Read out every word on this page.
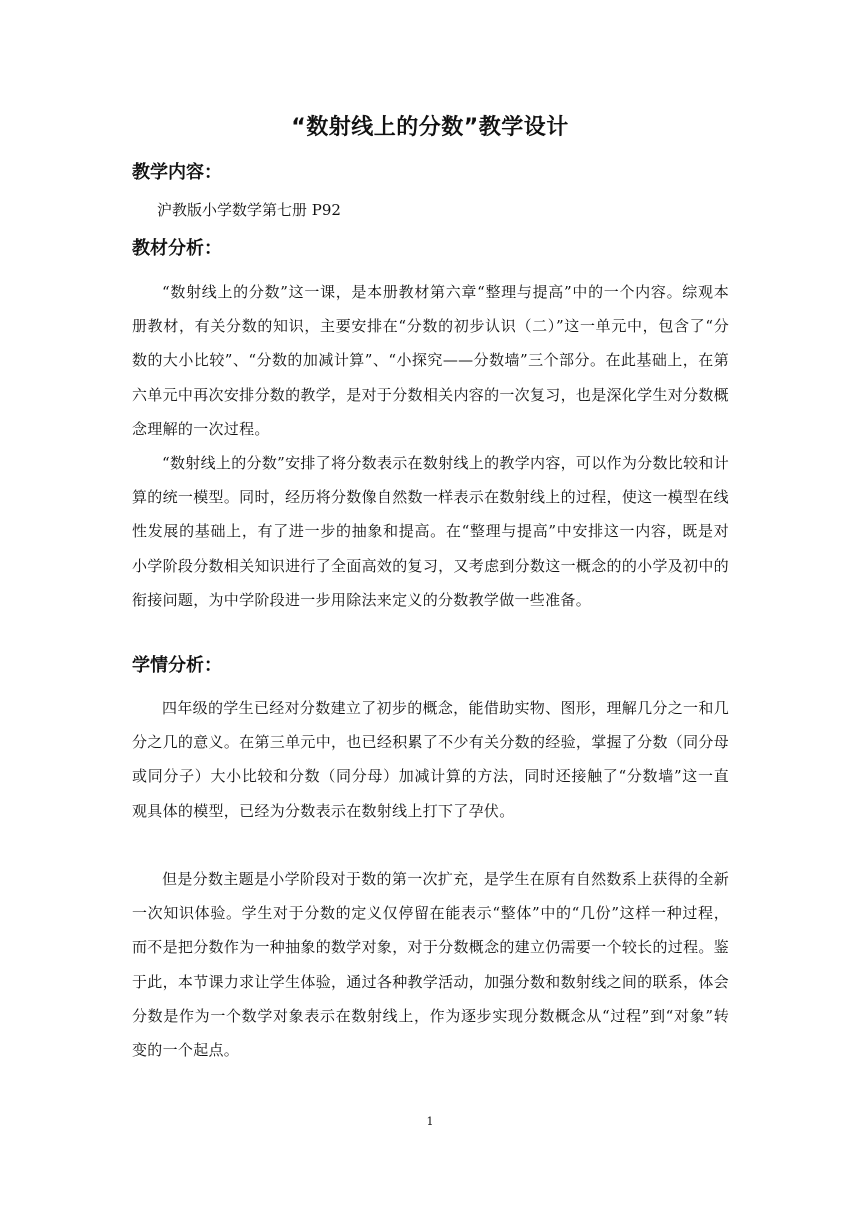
“数射线上的分数”教学设计
教学内容：
沪教版小学数学第七册 P92
教材分析：

“数射线上的分数”这一课，是本册教材第六章“整理与提高”中的一个内容。综观本册教材，有关分数的知识，主要安排在“分数的初步认识（二）”这一单元中，包含了“分数的大小比较”、“分数的加减计算”、“小探究——分数墙”三个部分。在此基础上，在第六单元中再次安排分数的教学，是对于分数相关内容的一次复习，也是深化学生对分数概念理解的一次过程。

“数射线上的分数”安排了将分数表示在数射线上的教学内容，可以作为分数比较和计算的统一模型。同时，经历将分数像自然数一样表示在数射线上的过程，使这一模型在线性发展的基础上，有了进一步的抽象和提高。在“整理与提高”中安排这一内容，既是对小学阶段分数相关知识进行了全面高效的复习，又考虑到分数这一概念的的小学及初中的衔接问题，为中学阶段进一步用除法来定义的分数教学做一些准备。

学情分析：

四年级的学生已经对分数建立了初步的概念，能借助实物、图形，理解几分之一和几分之几的意义。在第三单元中，也已经积累了不少有关分数的经验，掌握了分数（同分母或同分子）大小比较和分数（同分母）加减计算的方法，同时还接触了“分数墙”这一直观具体的模型，已经为分数表示在数射线上打下了孕伏。

但是分数主题是小学阶段对于数的第一次扩充，是学生在原有自然数系上获得的全新一次知识体验。学生对于分数的定义仅停留在能表示“整体”中的“几份”这样一种过程，而不是把分数作为一种抽象的数学对象，对于分数概念的建立仍需要一个较长的过程。鉴于此，本节课力求让学生体验，通过各种教学活动，加强分数和数射线之间的联系，体会分数是作为一个数学对象表示在数射线上，作为逐步实现分数概念从“过程”到“对象”转变的一个起点。

1
